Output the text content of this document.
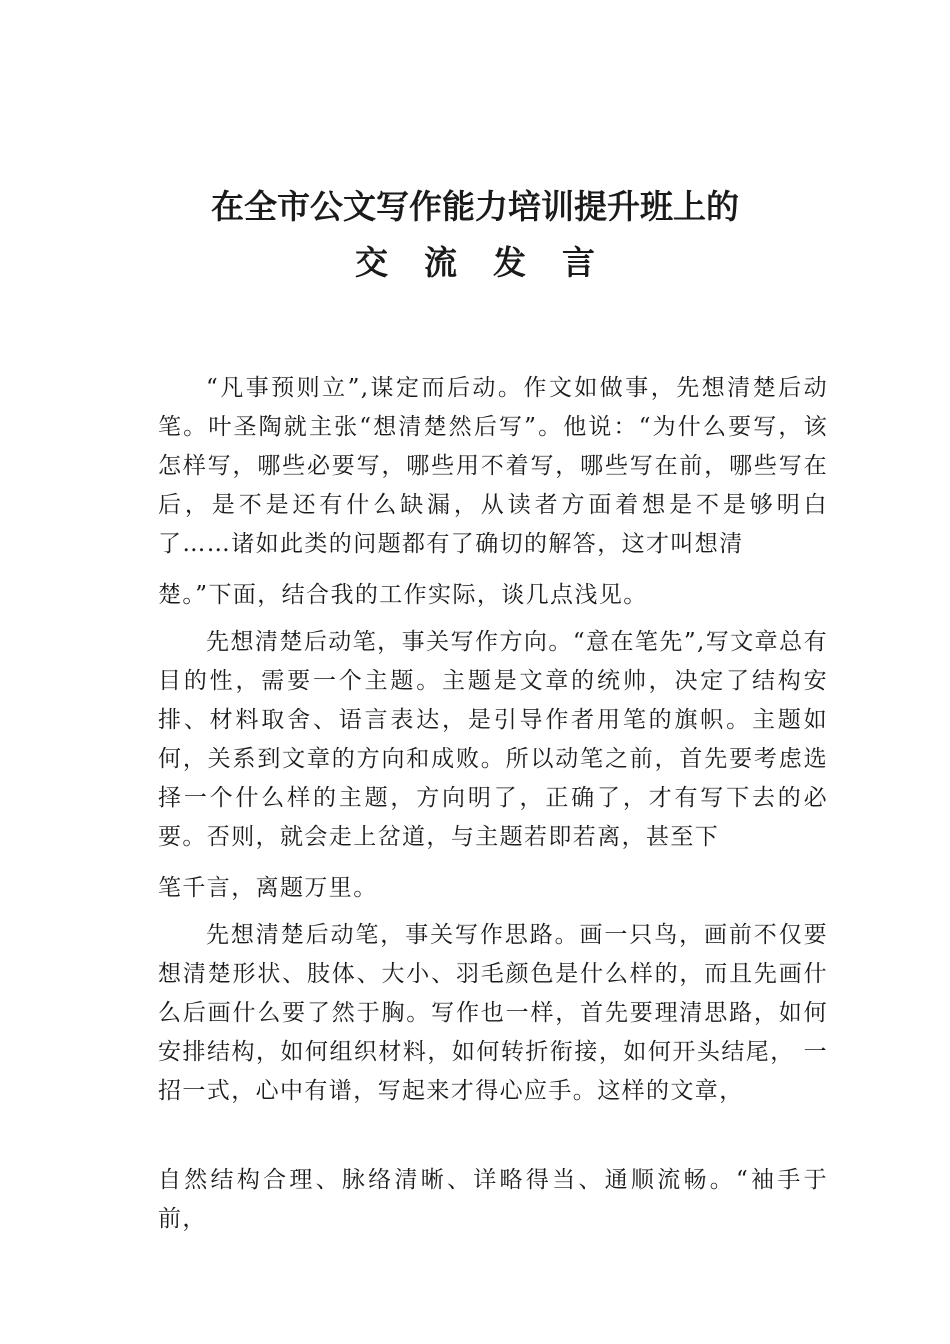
在全市公文写作能力培训提升班上的
交流发言

“凡事预则立”,谋定而后动。作文如做事，先想清楚后动笔。叶圣陶就主张“想清楚然后写”。他说：“为什么要写，该怎样写，哪些必要写，哪些用不着写，哪些写在前，哪些写在后，是不是还有什么缺漏，从读者方面着想是不是够明白了……诸如此类的问题都有了确切的解答，这才叫想清
楚。”下面，结合我的工作实际，谈几点浅见。

先想清楚后动笔，事关写作方向。“意在笔先”,写文章总有目的性，需要一个主题。主题是文章的统帅，决定了结构安排、材料取舍、语言表达，是引导作者用笔的旗帜。主题如何，关系到文章的方向和成败。所以动笔之前，首先要考虑选择一个什么样的主题，方向明了，正确了，才有写下去的必要。否则，就会走上岔道，与主题若即若离，甚至下
笔千言，离题万里。

先想清楚后动笔，事关写作思路。画一只鸟，画前不仅要想清楚形状、肢体、大小、羽毛颜色是什么样的，而且先画什么后画什么要了然于胸。写作也一样，首先要理清思路，如何安排结构，如何组织材料，如何转折衔接，如何开头结尾， 一招一式，心中有谱，写起来才得心应手。这样的文章，

自然结构合理、脉络清晰、详略得当、通顺流畅。“袖手于前，
